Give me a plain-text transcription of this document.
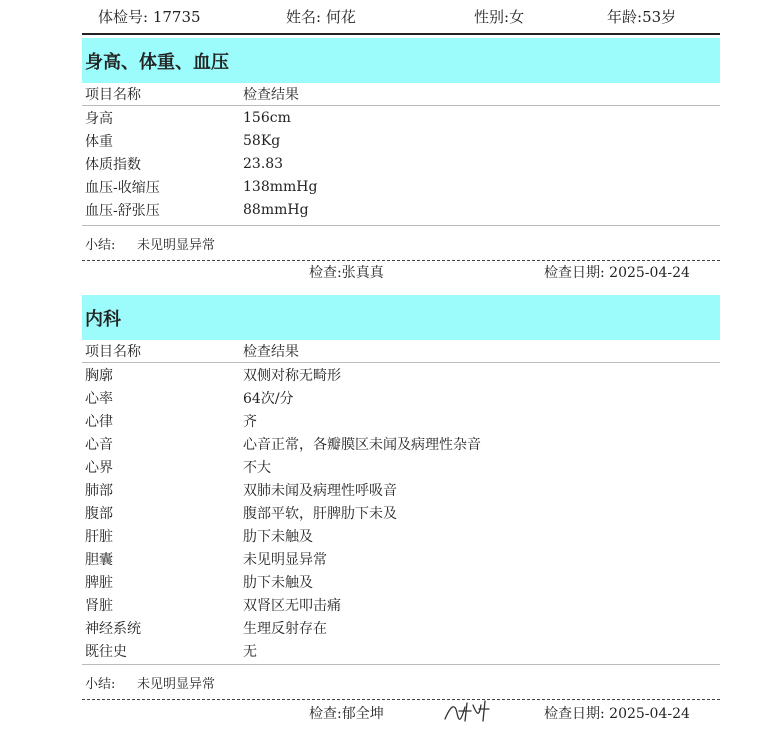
体检号: 17735	姓名: 何花	性别:女	年龄:53岁
身高、体重、血压
项目名称	检查结果
身高	156cm
体重	58Kg
体质指数	23.83
血压-收缩压	138mmHg
血压-舒张压	88mmHg
小结:	未见明显异常
检查:张真真	检查日期: 2025-04-24
内科
项目名称	检查结果
胸廓	双侧对称无畸形
心率	64次/分
心律	齐
心音	心音正常，各瓣膜区未闻及病理性杂音
心界	不大
肺部	双肺未闻及病理性呼吸音
腹部	腹部平软，肝脾肋下未及
肝脏	肋下未触及
胆囊	未见明显异常
脾脏	肋下未触及
肾脏	双肾区无叩击痛
神经系统	生理反射存在
既往史	无
小结:	未见明显异常
检查:郁全坤	检查日期: 2025-04-24
